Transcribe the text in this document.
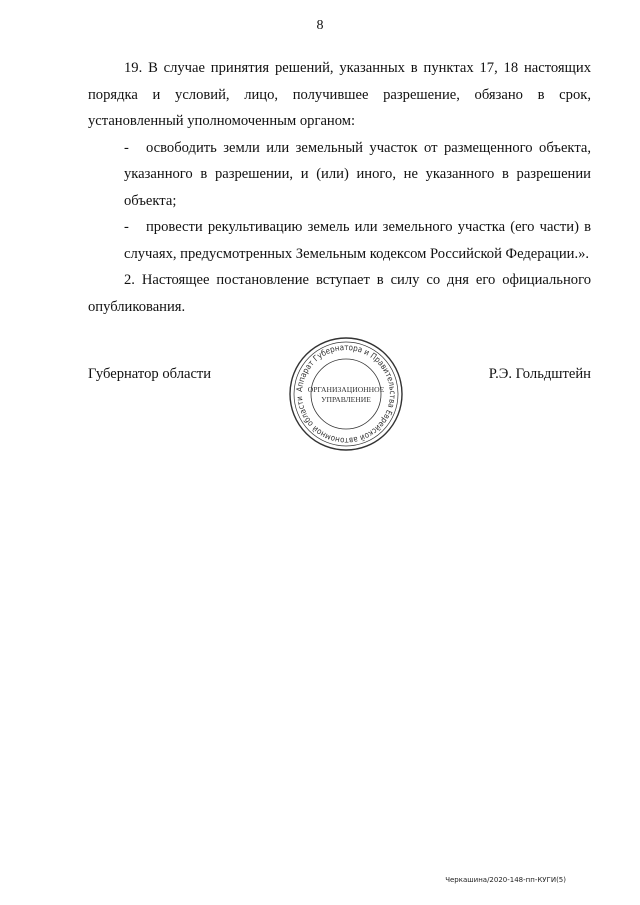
8

19. В случае принятия решений, указанных в пунктах 17, 18 настоящих порядка и условий, лицо, получившее разрешение, обязано в срок, установленный уполномоченным органом:

- освободить земли или земельный участок от размещенного объекта, указанного в разрешении, и (или) иного, не указанного в разрешении объекта;

- провести рекультивацию земель или земельного участка (его части) в случаях, предусмотренных Земельным кодексом Российской Федерации.».

2. Настоящее постановление вступает в силу со дня его официального опубликования.

Губернатор области	Р.Э. Гольдштейн
Аппарат Губернатора и Правительства Еврейской автономной области
ОРГАНИЗАЦИОННОЕ
УПРАВЛЕНИЕ
Черкашина/2020-148-пп-КУГИ(5)
